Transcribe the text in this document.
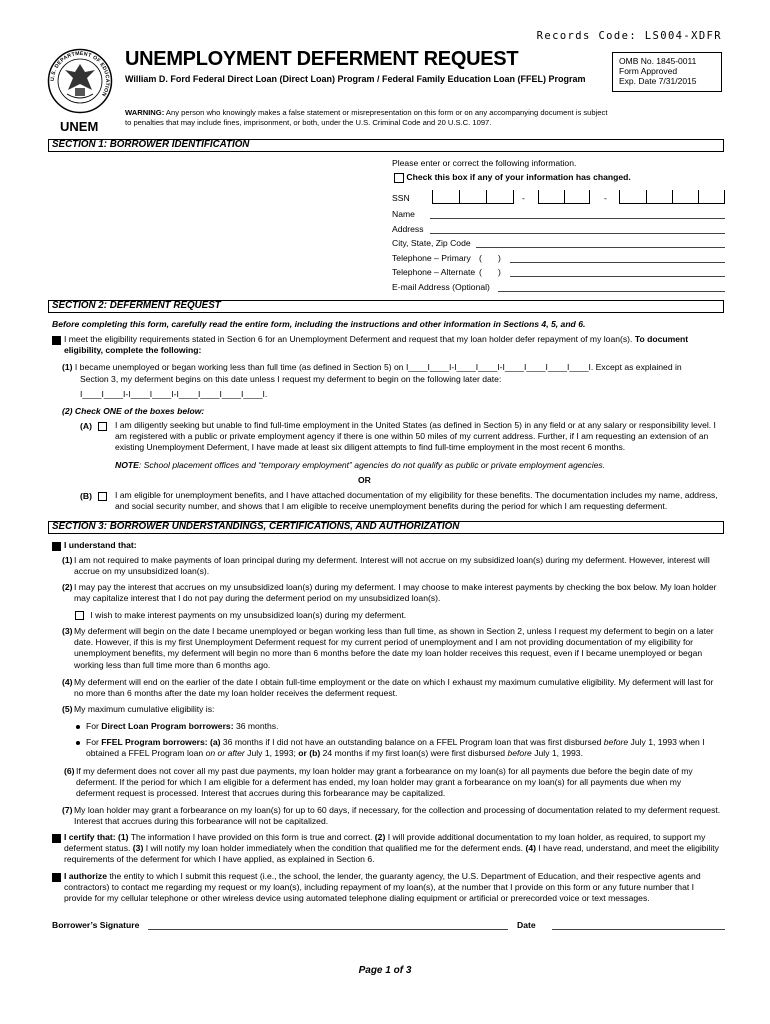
Records Code: LS004-XDFR
U.S. DEPARTMENT OF EDUCATION
UNEM
UNEMPLOYMENT DEFERMENT REQUEST
William D. Ford Federal Direct Loan (Direct Loan) Program / Federal Family Education Loan (FFEL) Program
OMB No. 1845-0011
Form Approved
Exp. Date 7/31/2015
WARNING: Any person who knowingly makes a false statement or misrepresentation on this form or on any accompanying document is subject to penalties that may include fines, imprisonment, or both, under the U.S. Criminal Code and 20 U.S.C. 1097.
SECTION 1: BORROWER IDENTIFICATION
Please enter or correct the following information.
Check this box if any of your information has changed.
SSN	-	-
Name
Address
City, State, Zip Code
Telephone – Primary ( )
Telephone – Alternate ( )
E-mail Address (Optional)
SECTION 2: DEFERMENT REQUEST
Before completing this form, carefully read the entire form, including the instructions and other information in Sections 4, 5, and 6.
I meet the eligibility requirements stated in Section 6 for an Unemployment Deferment and request that my loan holder defer repayment of my loan(s). To document eligibility, complete the following:
(1) I became unemployed or began working less than full time (as defined in Section 5) on I____I____I-I____I____I-I____I____I____I____I. Except as explained in
Section 3, my deferment begins on this date unless I request my deferment to begin on the following later date:
I____I____I-I____I____I-I____I____I____I____I.
(2) Check ONE of the boxes below:
(A)	I am diligently seeking but unable to find full-time employment in the United States (as defined in Section 5) in any field or at any salary or responsibility level. I am registered with a public or private employment agency if there is one within 50 miles of my current address. Further, if I am requesting an extension of an existing Unemployment Deferment, I have made at least six diligent attempts to find full-time employment in the most recent 6 months.
NOTE: School placement offices and “temporary employment” agencies do not qualify as public or private employment agencies.
OR
(B)	I am eligible for unemployment benefits, and I have attached documentation of my eligibility for these benefits. The documentation includes my name, address, and social security number, and shows that I am eligible to receive unemployment benefits during the period for which I am requesting deferment.
SECTION 3: BORROWER UNDERSTANDINGS, CERTIFICATIONS, AND AUTHORIZATION
I understand that:
(1) I am not required to make payments of loan principal during my deferment. Interest will not accrue on my subsidized loan(s) during my deferment. However, interest will accrue on my unsubsidized loan(s).
(2) I may pay the interest that accrues on my unsubsidized loan(s) during my deferment. I may choose to make interest payments by checking the box below. My loan holder may capitalize interest that I do not pay during the deferment period on my unsubsidized loan(s).
I wish to make interest payments on my unsubsidized loan(s) during my deferment.
(3) My deferment will begin on the date I became unemployed or began working less than full time, as shown in Section 2, unless I request my deferment to begin on a later date. However, if this is my first Unemployment Deferment request for my current period of unemployment and I am not providing documentation of my eligibility for unemployment benefits, my deferment will begin no more than 6 months before the date my loan holder receives this request, even if I became unemployed or began working less than full time more than 6 months ago.
(4) My deferment will end on the earlier of the date I obtain full-time employment or the date on which I exhaust my maximum cumulative eligibility. My deferment will last for no more than 6 months after the date my loan holder receives the deferment request.
(5) My maximum cumulative eligibility is:
For Direct Loan Program borrowers: 36 months.
For FFEL Program borrowers: (a) 36 months if I did not have an outstanding balance on a FFEL Program loan that was first disbursed before July 1, 1993 when I obtained a FFEL Program loan on or after July 1, 1993; or (b) 24 months if my first loan(s) were first disbursed before July 1, 1993.
(6) If my deferment does not cover all my past due payments, my loan holder may grant a forbearance on my loan(s) for all payments due before the begin date of my deferment. If the period for which I am eligible for a deferment has ended, my loan holder may grant a forbearance on my loan(s) for all payments due when my deferment request is processed. Interest that accrues during this forbearance may be capitalized.
(7) My loan holder may grant a forbearance on my loan(s) for up to 60 days, if necessary, for the collection and processing of documentation related to my deferment request. Interest that accrues during this forbearance will not be capitalized.
I certify that: (1) The information I have provided on this form is true and correct. (2) I will provide additional documentation to my loan holder, as required, to support my deferment status. (3) I will notify my loan holder immediately when the condition that qualified me for the deferment ends. (4) I have read, understand, and meet the eligibility requirements of the deferment for which I have applied, as explained in Section 6.
I authorize the entity to which I submit this request (i.e., the school, the lender, the guaranty agency, the U.S. Department of Education, and their respective agents and contractors) to contact me regarding my request or my loan(s), including repayment of my loan(s), at the number that I provide on this form or any future number that I provide for my cellular telephone or other wireless device using automated telephone dialing equipment or artificial or prerecorded voice or text messages.
Borrower’s Signature	Date
Page 1 of 3
